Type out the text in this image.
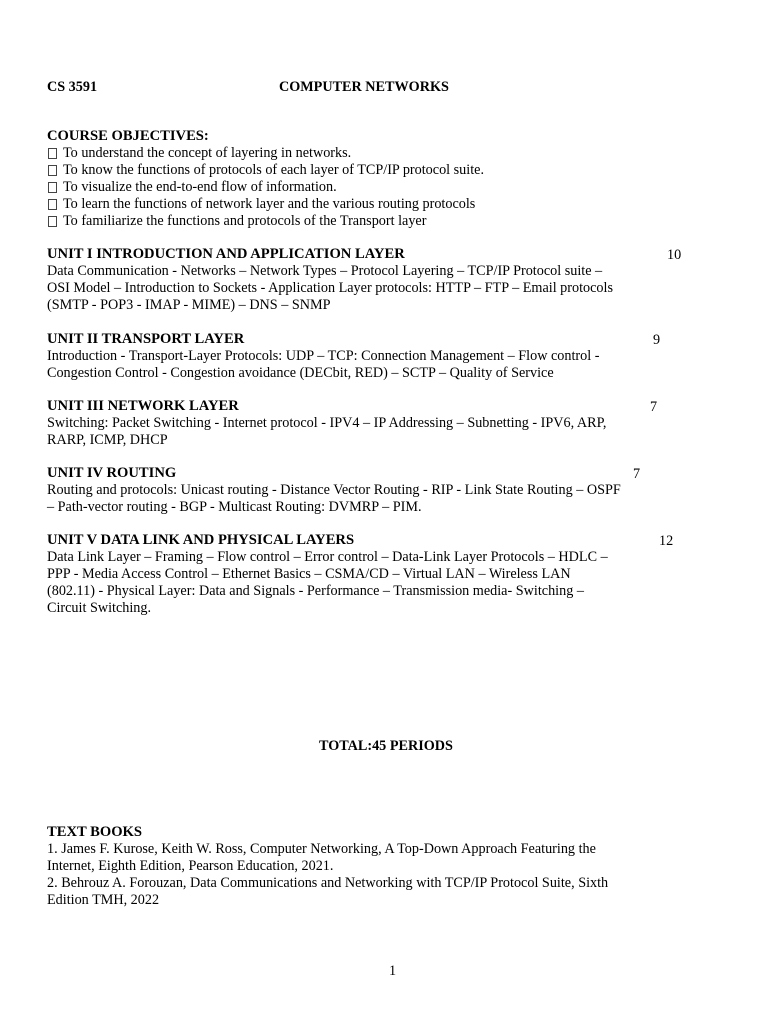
CS 3591	COMPUTER NETWORKS
COURSE OBJECTIVES:
To understand the concept of layering in networks.
To know the functions of protocols of each layer of TCP/IP protocol suite.
To visualize the end-to-end flow of information.
To learn the functions of network layer and the various routing protocols
To familiarize the functions and protocols of the Transport layer
UNIT I INTRODUCTION AND APPLICATION LAYER
Data Communication - Networks – Network Types – Protocol Layering – TCP/IP Protocol suite –
OSI Model – Introduction to Sockets - Application Layer protocols: HTTP – FTP – Email protocols
(SMTP - POP3 - IMAP - MIME) – DNS – SNMP
10
UNIT II TRANSPORT LAYER
Introduction - Transport-Layer Protocols: UDP – TCP: Connection Management – Flow control -
Congestion Control - Congestion avoidance (DECbit, RED) – SCTP – Quality of Service
9
UNIT III NETWORK LAYER
Switching: Packet Switching - Internet protocol - IPV4 – IP Addressing – Subnetting - IPV6, ARP,
RARP, ICMP, DHCP
7
UNIT IV ROUTING
Routing and protocols: Unicast routing - Distance Vector Routing - RIP - Link State Routing – OSPF
– Path-vector routing - BGP - Multicast Routing: DVMRP – PIM.
7
UNIT V DATA LINK AND PHYSICAL LAYERS
Data Link Layer – Framing – Flow control – Error control – Data-Link Layer Protocols – HDLC –
PPP - Media Access Control – Ethernet Basics – CSMA/CD – Virtual LAN – Wireless LAN
(802.11) - Physical Layer: Data and Signals - Performance – Transmission media- Switching –
Circuit Switching.
12
TOTAL:45 PERIODS
TEXT BOOKS
1. James F. Kurose, Keith W. Ross, Computer Networking, A Top-Down Approach Featuring the
Internet, Eighth Edition, Pearson Education, 2021.
2. Behrouz A. Forouzan, Data Communications and Networking with TCP/IP Protocol Suite, Sixth
Edition TMH, 2022
1
